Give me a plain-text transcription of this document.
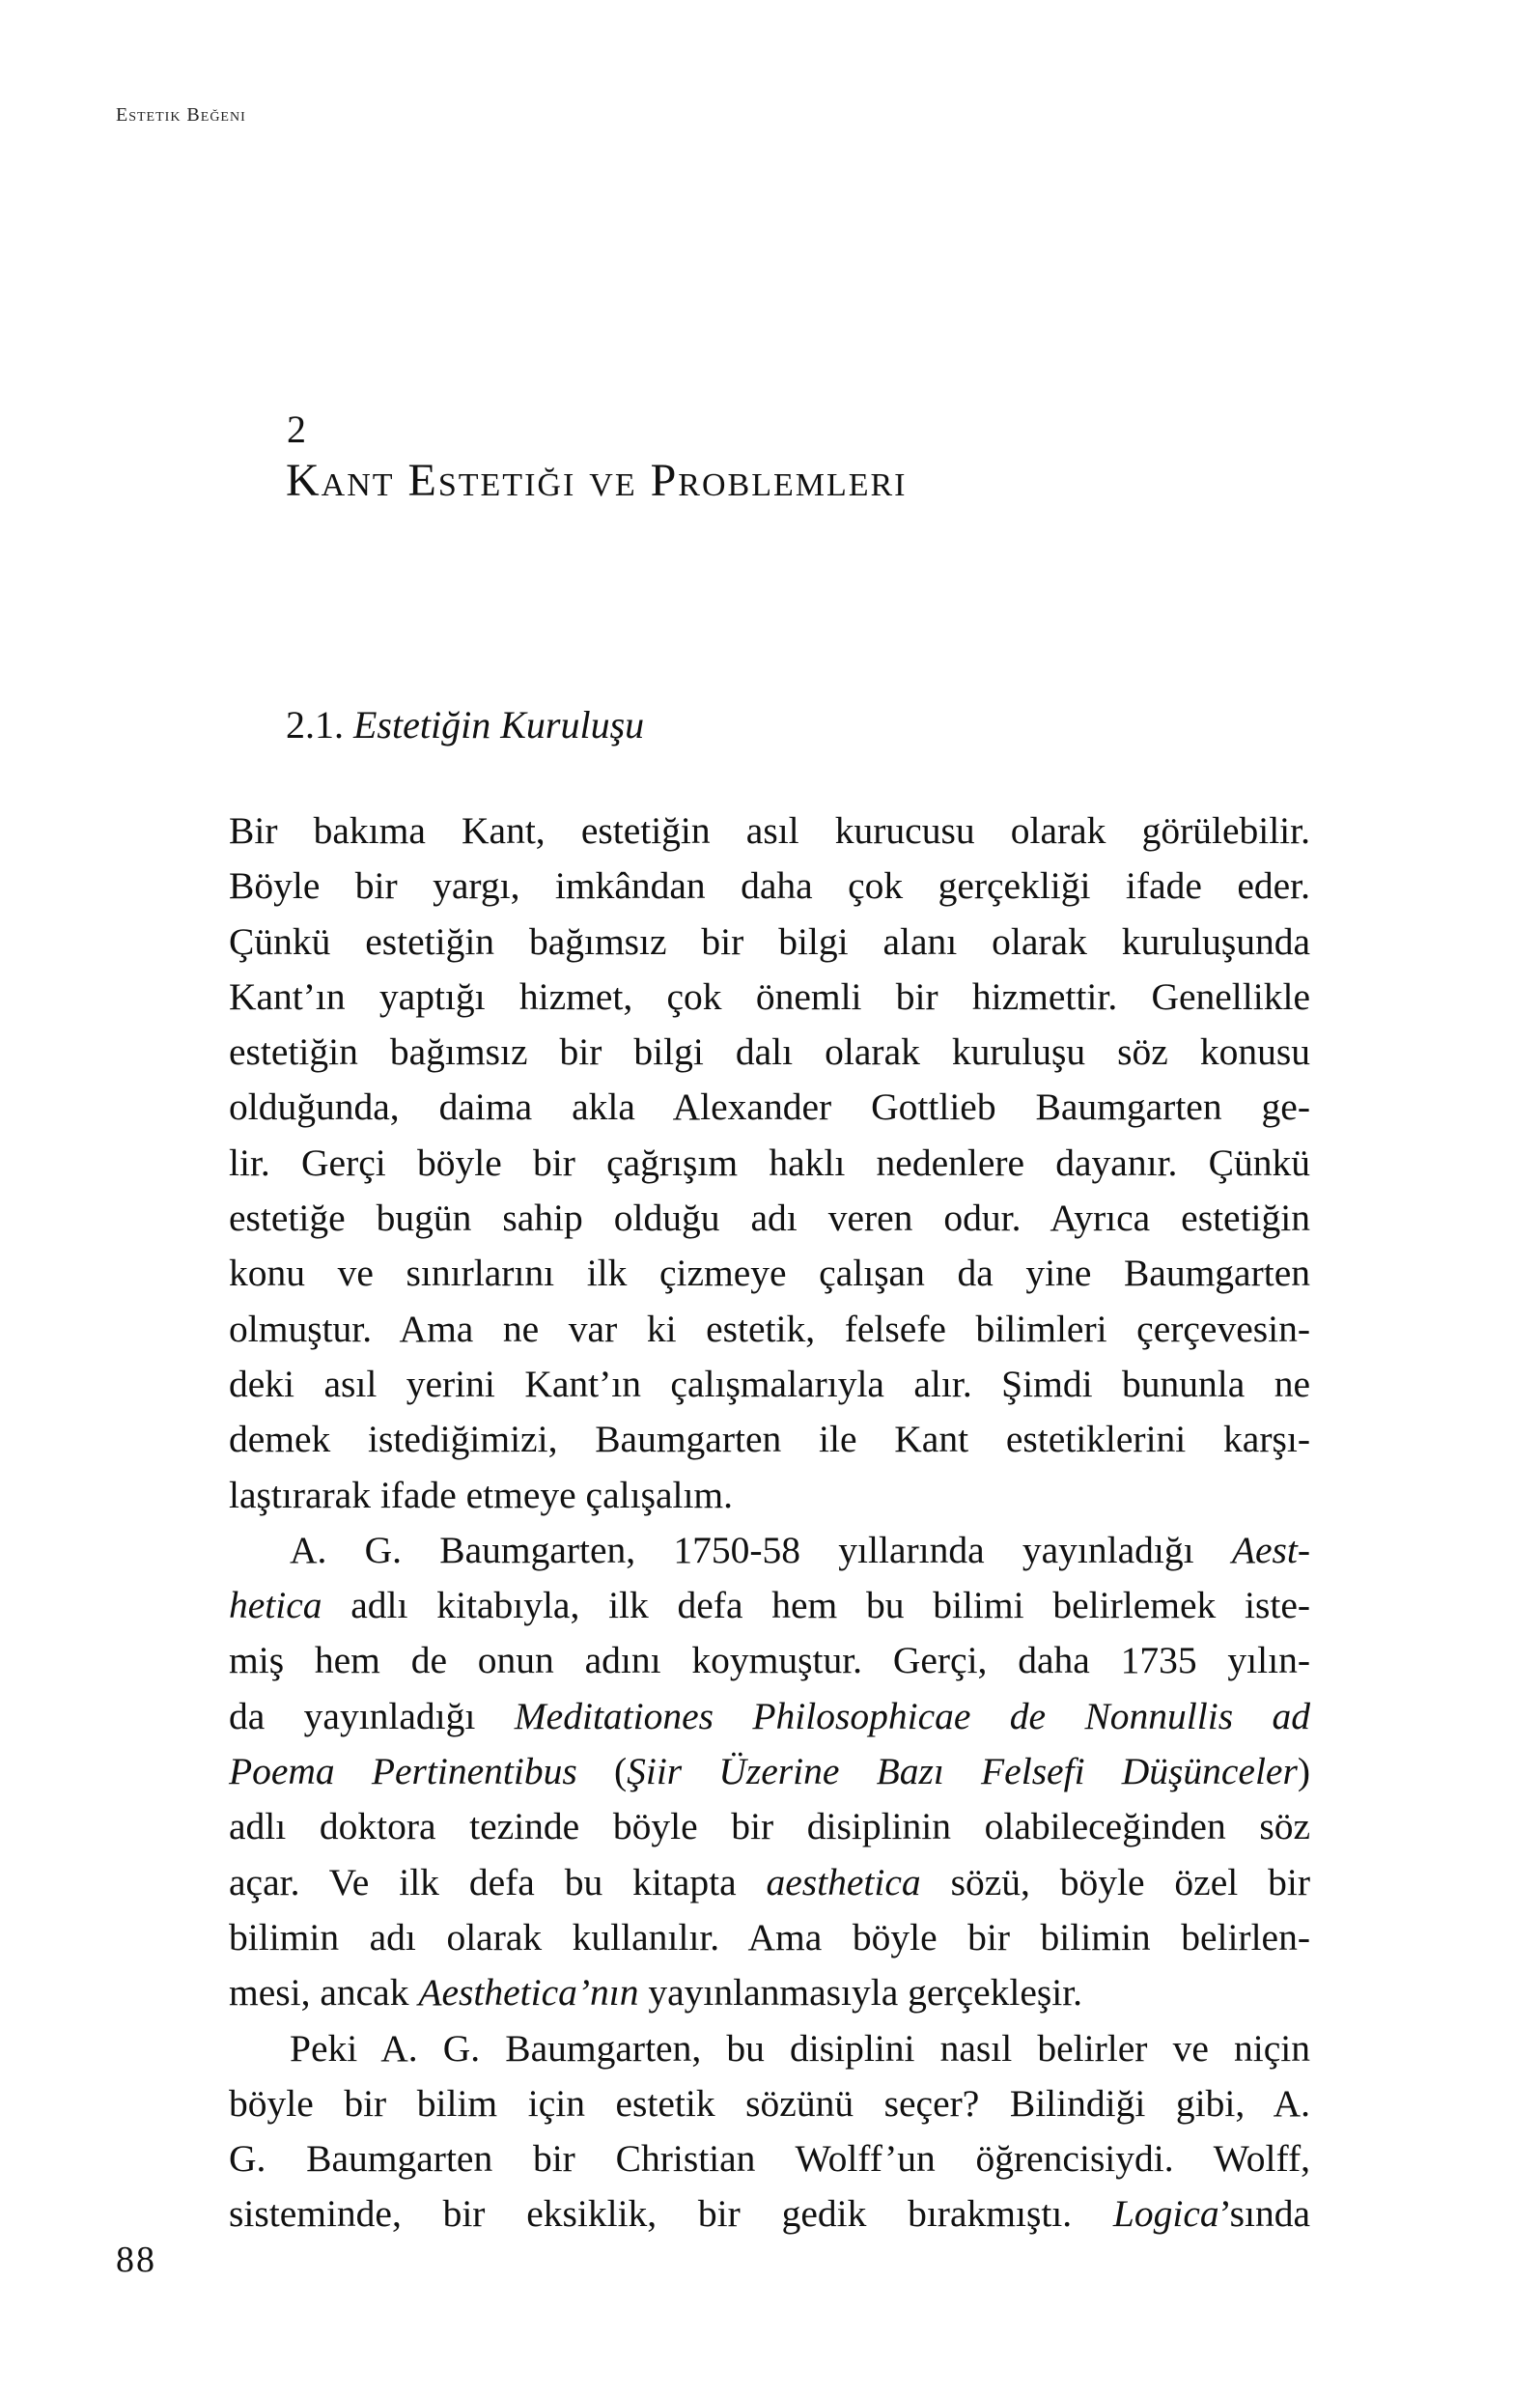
Estetik Beğeni
2
Kant Estetiği ve Problemleri
2.1. Estetiğin Kuruluşu

Bir bakıma Kant, estetiğin asıl kurucusu olarak görülebilir.
Böyle bir yargı, imkândan daha çok gerçekliği ifade eder.
Çünkü estetiğin bağımsız bir bilgi alanı olarak kuruluşunda
Kant’ın yaptığı hizmet, çok önemli bir hizmettir. Genellikle
estetiğin bağımsız bir bilgi dalı olarak kuruluşu söz konusu
olduğunda, daima akla Alexander Gottlieb Baumgarten ge-
lir. Gerçi böyle bir çağrışım haklı nedenlere dayanır. Çünkü
estetiğe bugün sahip olduğu adı veren odur. Ayrıca estetiğin
konu ve sınırlarını ilk çizmeye çalışan da yine Baumgarten
olmuştur. Ama ne var ki estetik, felsefe bilimleri çerçevesin-
deki asıl yerini Kant’ın çalışmalarıyla alır. Şimdi bununla ne
demek istediğimizi, Baumgarten ile Kant estetiklerini karşı-
laştırarak ifade etmeye çalışalım.

A. G. Baumgarten, 1750-58 yıllarında yayınladığı Aest-
hetica adlı kitabıyla, ilk defa hem bu bilimi belirlemek iste-
miş hem de onun adını koymuştur. Gerçi, daha 1735 yılın-
da yayınladığı Meditationes Philosophicae de Nonnullis ad
Poema Pertinentibus (Şiir Üzerine Bazı Felsefi Düşünceler)
adlı doktora tezinde böyle bir disiplinin olabileceğinden söz
açar. Ve ilk defa bu kitapta aesthetica sözü, böyle özel bir
bilimin adı olarak kullanılır. Ama böyle bir bilimin belirlen-
mesi, ancak Aesthetica’nın yayınlanmasıyla gerçekleşir.

Peki A. G. Baumgarten, bu disiplini nasıl belirler ve niçin
böyle bir bilim için estetik sözünü seçer? Bilindiği gibi, A.
G. Baumgarten bir Christian Wolff’un öğrencisiydi. Wolff,
sisteminde, bir eksiklik, bir gedik bırakmıştı. Logica’sında

88
